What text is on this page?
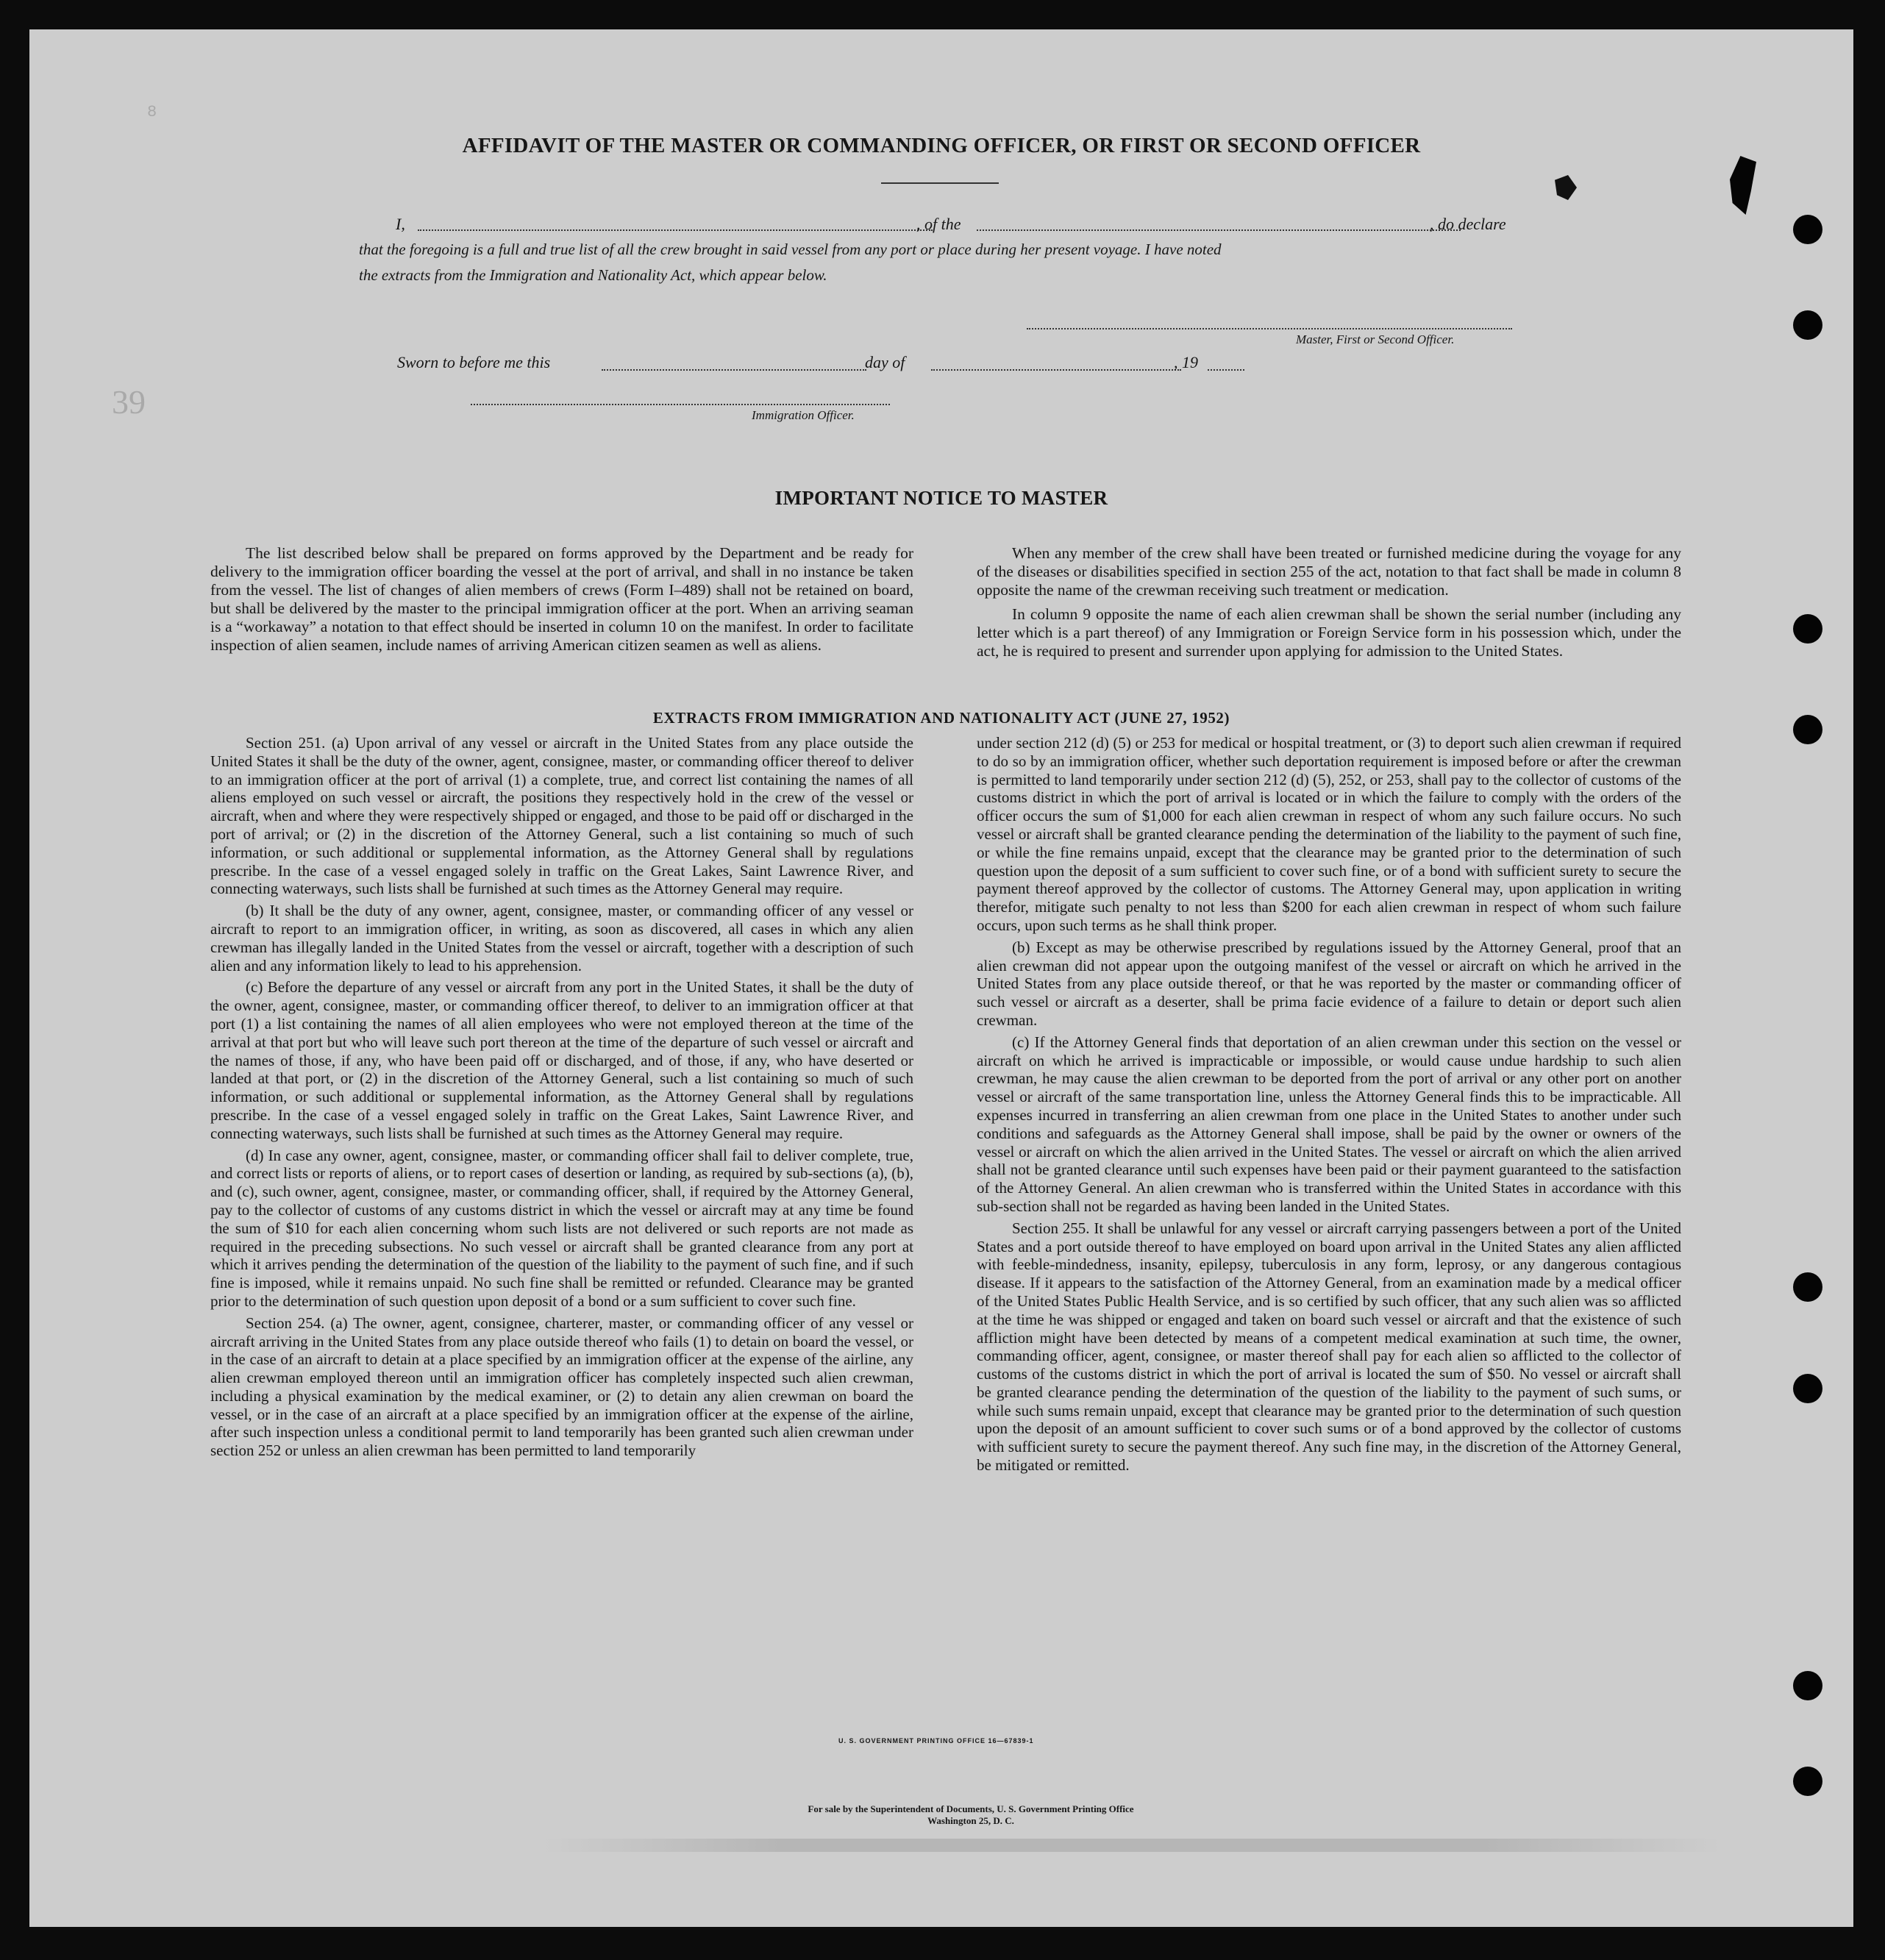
39
8
AFFIDAVIT OF THE MASTER OR COMMANDING OFFICER, OR FIRST OR SECOND OFFICER
I,	, of the	, do declare
that the foregoing is a full and true list of all the crew brought in said vessel from any port or place during her present voyage. I have noted
the extracts from the Immigration and Nationality Act, which appear below.
Master, First or Second Officer.
Sworn to before me this	day of	, 19
Immigration Officer.
IMPORTANT NOTICE TO MASTER

The list described below shall be prepared on forms approved by the Department and be ready for delivery to the immigration officer boarding the vessel at the port of arrival, and shall in no instance be taken from the vessel. The list of changes of alien members of crews (Form I–489) shall not be retained on board, but shall be delivered by the master to the principal immigration officer at the port. When an arriving seaman is a “workaway” a notation to that effect should be inserted in column 10 on the manifest. In order to facilitate inspection of alien seamen, include names of arriving American citizen seamen as well as aliens.

When any member of the crew shall have been treated or furnished medicine during the voyage for any of the diseases or disabilities specified in section 255 of the act, notation to that fact shall be made in column 8 opposite the name of the crewman receiving such treatment or medication.

In column 9 opposite the name of each alien crewman shall be shown the serial number (including any letter which is a part thereof) of any Immigration or Foreign Service form in his possession which, under the act, he is required to present and surrender upon applying for admission to the United States.

EXTRACTS FROM IMMIGRATION AND NATIONALITY ACT (JUNE 27, 1952)

Section 251. (a) Upon arrival of any vessel or aircraft in the United States from any place outside the United States it shall be the duty of the owner, agent, consignee, master, or commanding officer thereof to deliver to an immigration officer at the port of arrival (1) a complete, true, and correct list containing the names of all aliens employed on such vessel or aircraft, the positions they respectively hold in the crew of the vessel or aircraft, when and where they were respectively shipped or engaged, and those to be paid off or discharged in the port of arrival; or (2) in the discretion of the Attorney General, such a list containing so much of such information, or such additional or supplemental information, as the Attorney General shall by regulations prescribe. In the case of a vessel engaged solely in traffic on the Great Lakes, Saint Lawrence River, and connecting waterways, such lists shall be furnished at such times as the Attorney General may require.

(b) It shall be the duty of any owner, agent, consignee, master, or commanding officer of any vessel or aircraft to report to an immigration officer, in writing, as soon as discovered, all cases in which any alien crewman has illegally landed in the United States from the vessel or aircraft, together with a description of such alien and any information likely to lead to his apprehension.

(c) Before the departure of any vessel or aircraft from any port in the United States, it shall be the duty of the owner, agent, consignee, master, or commanding officer thereof, to deliver to an immigration officer at that port (1) a list containing the names of all alien employees who were not employed thereon at the time of the arrival at that port but who will leave such port thereon at the time of the departure of such vessel or aircraft and the names of those, if any, who have been paid off or discharged, and of those, if any, who have deserted or landed at that port, or (2) in the discretion of the Attorney General, such a list containing so much of such information, or such additional or supplemental information, as the Attorney General shall by regulations prescribe. In the case of a vessel engaged solely in traffic on the Great Lakes, Saint Lawrence River, and connecting waterways, such lists shall be furnished at such times as the Attorney General may require.

(d) In case any owner, agent, consignee, master, or commanding officer shall fail to deliver complete, true, and correct lists or reports of aliens, or to report cases of desertion or landing, as required by sub-sections (a), (b), and (c), such owner, agent, consignee, master, or commanding officer, shall, if required by the Attorney General, pay to the collector of customs of any customs district in which the vessel or aircraft may at any time be found the sum of $10 for each alien concerning whom such lists are not delivered or such reports are not made as required in the preceding subsections. No such vessel or aircraft shall be granted clearance from any port at which it arrives pending the determination of the question of the liability to the payment of such fine, and if such fine is imposed, while it remains unpaid. No such fine shall be remitted or refunded. Clearance may be granted prior to the determination of such question upon deposit of a bond or a sum sufficient to cover such fine.

Section 254. (a) The owner, agent, consignee, charterer, master, or commanding officer of any vessel or aircraft arriving in the United States from any place outside thereof who fails (1) to detain on board the vessel, or in the case of an aircraft to detain at a place specified by an immigration officer at the expense of the airline, any alien crewman employed thereon until an immigration officer has completely inspected such alien crewman, including a physical examination by the medical examiner, or (2) to detain any alien crewman on board the vessel, or in the case of an aircraft at a place specified by an immigration officer at the expense of the airline, after such inspection unless a conditional permit to land temporarily has been granted such alien crewman under section 252 or unless an alien crewman has been permitted to land temporarily

under section 212 (d) (5) or 253 for medical or hospital treatment, or (3) to deport such alien crewman if required to do so by an immigration officer, whether such deportation requirement is imposed before or after the crewman is permitted to land temporarily under section 212 (d) (5), 252, or 253, shall pay to the collector of customs of the customs district in which the port of arrival is located or in which the failure to comply with the orders of the officer occurs the sum of $1,000 for each alien crewman in respect of whom any such failure occurs. No such vessel or aircraft shall be granted clearance pending the determination of the liability to the payment of such fine, or while the fine remains unpaid, except that the clearance may be granted prior to the determination of such question upon the deposit of a sum sufficient to cover such fine, or of a bond with sufficient surety to secure the payment thereof approved by the collector of customs. The Attorney General may, upon application in writing therefor, mitigate such penalty to not less than $200 for each alien crewman in respect of whom such failure occurs, upon such terms as he shall think proper.

(b) Except as may be otherwise prescribed by regulations issued by the Attorney General, proof that an alien crewman did not appear upon the outgoing manifest of the vessel or aircraft on which he arrived in the United States from any place outside thereof, or that he was reported by the master or commanding officer of such vessel or aircraft as a deserter, shall be prima facie evidence of a failure to detain or deport such alien crewman.

(c) If the Attorney General finds that deportation of an alien crewman under this section on the vessel or aircraft on which he arrived is impracticable or impossible, or would cause undue hardship to such alien crewman, he may cause the alien crewman to be deported from the port of arrival or any other port on another vessel or aircraft of the same transportation line, unless the Attorney General finds this to be impracticable. All expenses incurred in transferring an alien crewman from one place in the United States to another under such conditions and safeguards as the Attorney General shall impose, shall be paid by the owner or owners of the vessel or aircraft on which the alien arrived in the United States. The vessel or aircraft on which the alien arrived shall not be granted clearance until such expenses have been paid or their payment guaranteed to the satisfaction of the Attorney General. An alien crewman who is transferred within the United States in accordance with this sub-section shall not be regarded as having been landed in the United States.

Section 255. It shall be unlawful for any vessel or aircraft carrying passengers between a port of the United States and a port outside thereof to have employed on board upon arrival in the United States any alien afflicted with feeble-mindedness, insanity, epilepsy, tuberculosis in any form, leprosy, or any dangerous contagious disease. If it appears to the satisfaction of the Attorney General, from an examination made by a medical officer of the United States Public Health Service, and is so certified by such officer, that any such alien was so afflicted at the time he was shipped or engaged and taken on board such vessel or aircraft and that the existence of such affliction might have been detected by means of a competent medical examination at such time, the owner, commanding officer, agent, consignee, or master thereof shall pay for each alien so afflicted to the collector of customs of the customs district in which the port of arrival is located the sum of $50. No vessel or aircraft shall be granted clearance pending the determination of the question of the liability to the payment of such sums, or while such sums remain unpaid, except that clearance may be granted prior to the determination of such question upon the deposit of an amount sufficient to cover such sums or of a bond approved by the collector of customs with sufficient surety to secure the payment thereof. Any such fine may, in the discretion of the Attorney General, be mitigated or remitted.

U. S. GOVERNMENT PRINTING OFFICE 16—67839-1
For sale by the Superintendent of Documents, U. S. Government Printing Office
Washington 25, D. C.
